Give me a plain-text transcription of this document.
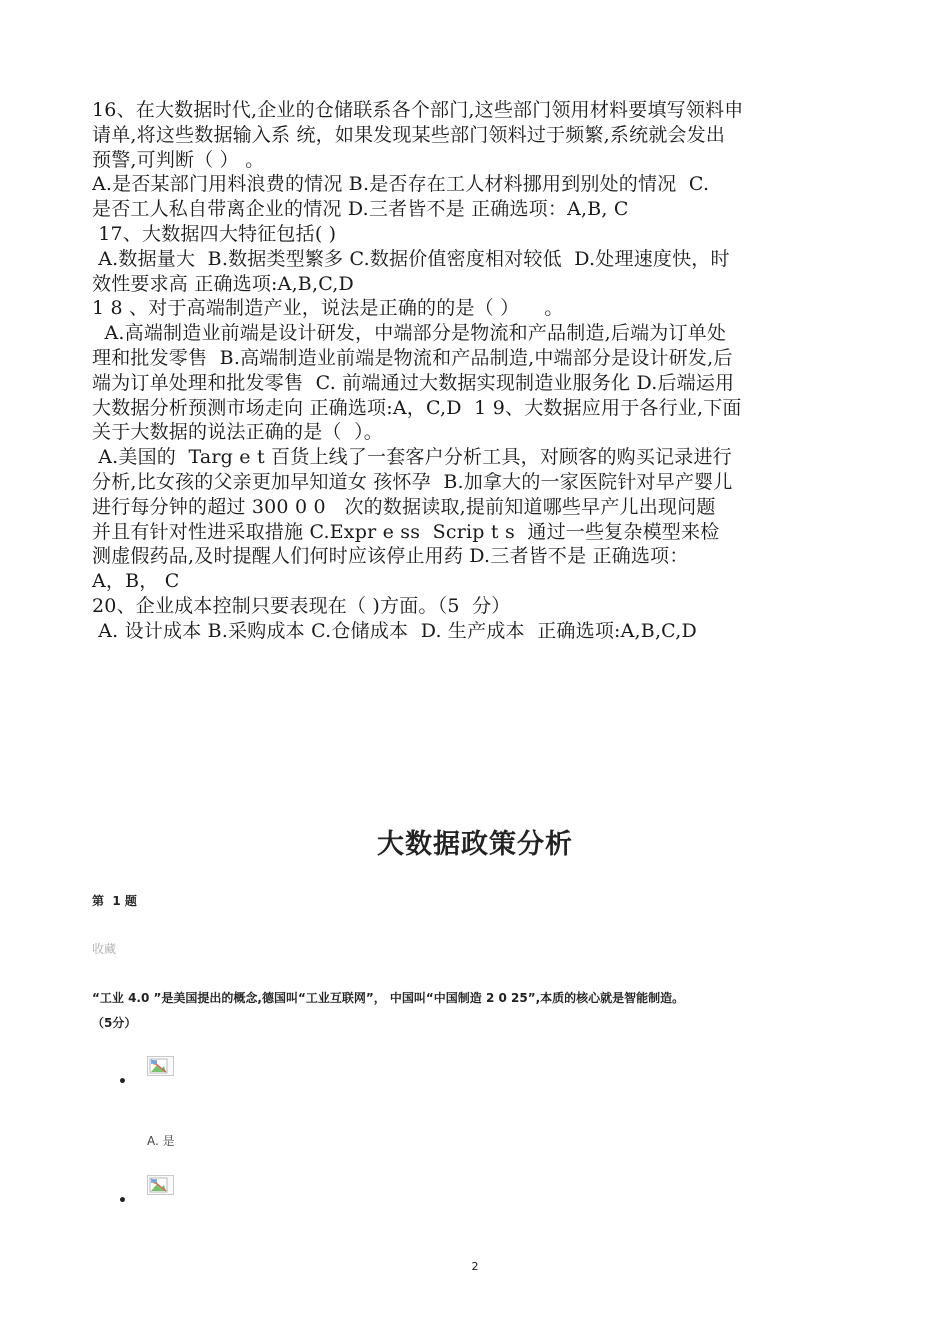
16、在大数据时代,企业的仓储联系各个部门,这些部门领用材料要填写领料申
请单,将这些数据输入系 统，如果发现某些部门领料过于频繁,系统就会发出
预警,可判断（ ） 。
A.是否某部门用料浪费的情况 B.是否存在工人材料挪用到别处的情况  C.
是否工人私自带离企业的情况 D.三者皆不是 正确选项：A,B, C
17、大数据四大特征包括( )
A.数据量大  B.数据类型繁多 C.数据价值密度相对较低  D.处理速度快，时
效性要求高 正确选项:A,B,C,D
1 8 、对于高端制造产业，说法是正确的的是（ ）    。
A.高端制造业前端是设计研发，中端部分是物流和产品制造,后端为订单处
理和批发零售  B.高端制造业前端是物流和产品制造,中端部分是设计研发,后
端为订单处理和批发零售  C. 前端通过大数据实现制造业服务化 D.后端运用
大数据分析预测市场走向 正确选项:A，C,D  1 9、大数据应用于各行业,下面
关于大数据的说法正确的是（  ）。
A.美国的  Targ e t 百货上线了一套客户分析工具，对顾客的购买记录进行
分析,比女孩的父亲更加早知道女 孩怀孕  B.加拿大的一家医院针对早产婴儿
进行每分钟的超过 300 0 0   次的数据读取,提前知道哪些早产儿出现问题
并且有针对性进采取措施 C.Expr e ss  Scrip t s  通过一些复杂模型来检
测虚假药品,及时提醒人们何时应该停止用药 D.三者皆不是 正确选项：
A，B， C
20、企业成本控制只要表现在（ )方面。（5  分）
A. 设计成本 B.采购成本 C.仓储成本  D. 生产成本  正确选项:A,B,C,D
大数据政策分析
第  1 题
收藏
“工业 4.0 ”是美国提出的概念,德国叫“工业互联网”， 中国叫“中国制造 2 0 25”,本质的核心就是智能制造。
（5分）
•
A. 是
•
2
